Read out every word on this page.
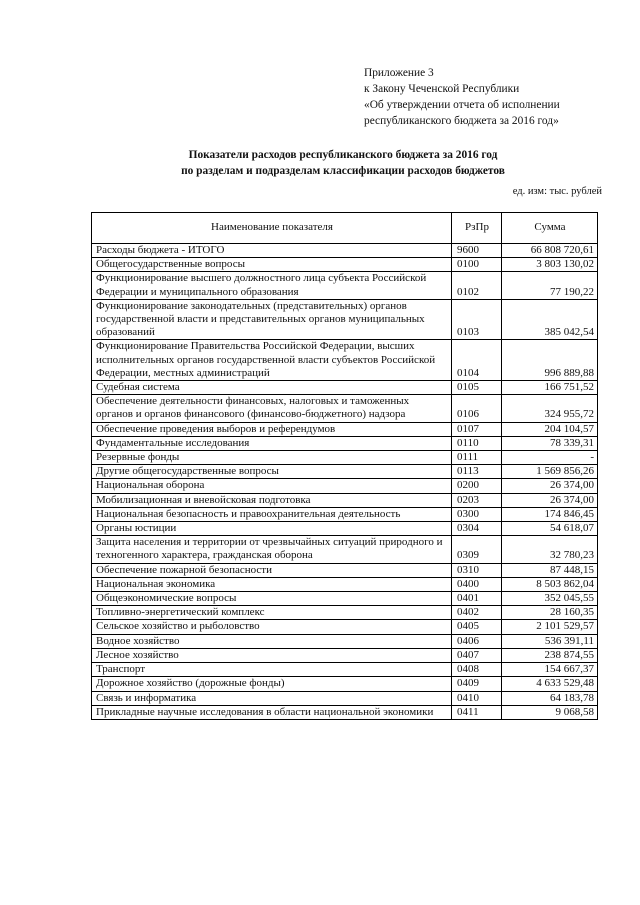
Приложение 3
к Закону Чеченской Республики
«Об утверждении отчета об исполнении
республиканского бюджета за 2016 год»
Показатели расходов республиканского бюджета за 2016 год
по разделам и подразделам классификации расходов бюджетов
ед. изм: тыс. рублей
Наименование показателя	РзПр	Сумма
Расходы бюджета - ИТОГО	9600	66 808 720,61
Общегосударственные вопросы	0100	3 803 130,02
Функционирование высшего должностного лица субъекта Российской Федерации и муниципального образования	0102	77 190,22
Функционирование законодательных (представительных) органов государственной власти и представительных органов муниципальных образований	0103	385 042,54
Функционирование Правительства Российской Федерации, высших исполнительных органов государственной власти субъектов Российской Федерации, местных администраций	0104	996 889,88
Судебная система	0105	166 751,52
Обеспечение деятельности финансовых, налоговых и таможенных органов и органов финансового (финансово-бюджетного) надзора	0106	324 955,72
Обеспечение проведения выборов и референдумов	0107	204 104,57
Фундаментальные исследования	0110	78 339,31
Резервные фонды	0111	-
Другие общегосударственные вопросы	0113	1 569 856,26
Национальная оборона	0200	26 374,00
Мобилизационная и вневойсковая подготовка	0203	26 374,00
Национальная безопасность и правоохранительная деятельность	0300	174 846,45
Органы юстиции	0304	54 618,07
Защита населения и территории от чрезвычайных ситуаций природного и техногенного характера, гражданская оборона	0309	32 780,23
Обеспечение пожарной безопасности	0310	87 448,15
Национальная экономика	0400	8 503 862,04
Общеэкономические вопросы	0401	352 045,55
Топливно-энергетический комплекс	0402	28 160,35
Сельское хозяйство и рыболовство	0405	2 101 529,57
Водное хозяйство	0406	536 391,11
Лесное хозяйство	0407	238 874,55
Транспорт	0408	154 667,37
Дорожное хозяйство (дорожные фонды)	0409	4 633 529,48
Связь и информатика	0410	64 183,78
Прикладные научные исследования в области национальной экономики	0411	9 068,58
